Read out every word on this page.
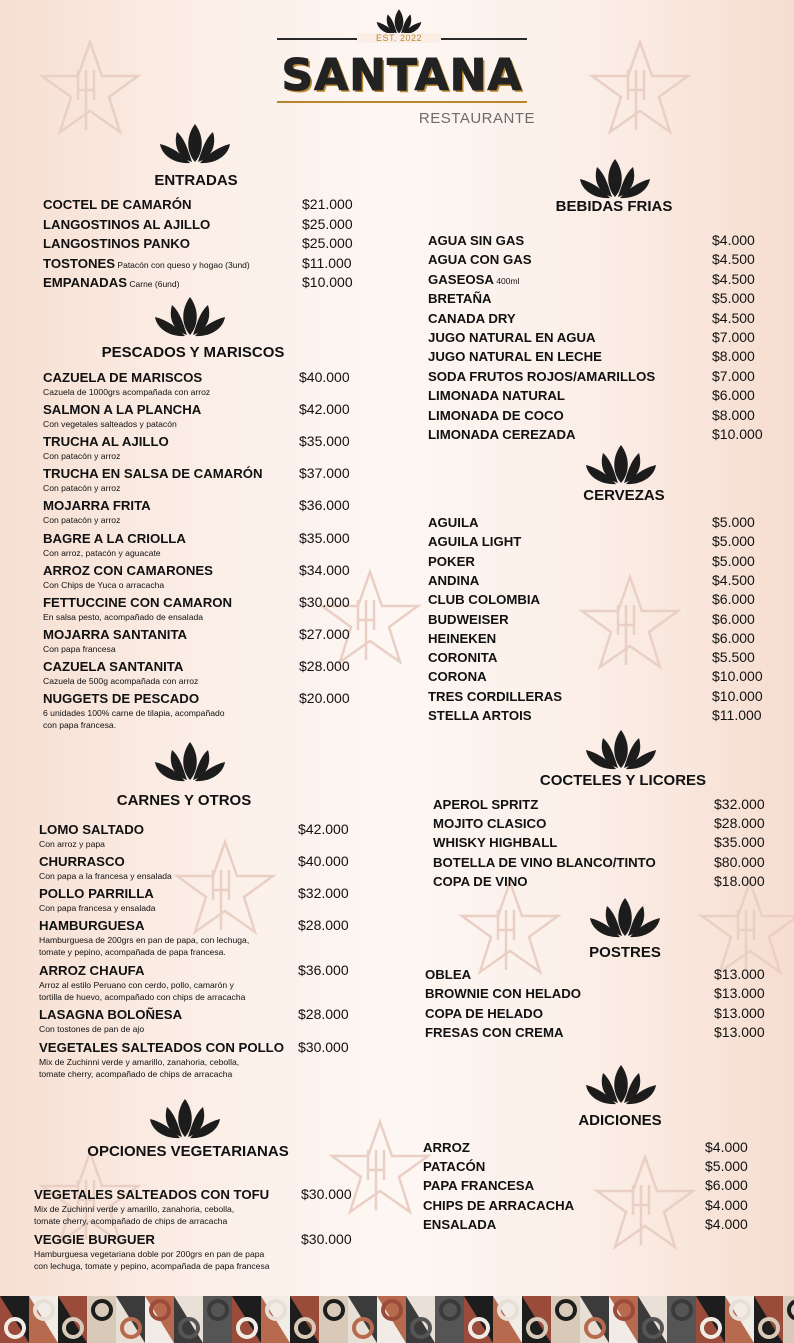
EST. 2022
SANTANA
RESTAURANTE
ENTRADAS
COCTEL DE CAMARÓN	$21.000
LANGOSTINOS AL AJILLO	$25.000
LANGOSTINOS PANKO	$25.000
TOSTONES Patacón con queso y hogao (3und)	$11.000
EMPANADAS Carne (6und)	$10.000
PESCADOS Y MARISCOS
CAZUELA DE MARISCOS	$40.000
Cazuela de 1000grs acompañada con arroz
SALMON A LA PLANCHA	$42.000
Con vegetales salteados y patacón
TRUCHA AL AJILLO	$35.000
Con patacón y arroz
TRUCHA EN SALSA DE CAMARÓN	$37.000
Con patacón y arroz
MOJARRA FRITA	$36.000
Con patacón y arroz
BAGRE A LA CRIOLLA	$35.000
Con arroz, patacón y aguacate
ARROZ CON CAMARONES	$34.000
Con Chips de Yuca o arracacha
FETTUCCINE CON CAMARON	$30.000
En salsa pesto, acompañado de ensalada
MOJARRA SANTANITA	$27.000
Con papa francesa
CAZUELA SANTANITA	$28.000
Cazuela de 500g acompañada con arroz
NUGGETS DE PESCADO	$20.000
6 unidades 100% carne de tilapia, acompañado
con papa francesa.
CARNES Y OTROS
LOMO SALTADO	$42.000
Con arroz y papa
CHURRASCO	$40.000
Con papa a la francesa y ensalada
POLLO PARRILLA	$32.000
Con papa francesa y ensalada
HAMBURGUESA	$28.000
Hamburguesa de 200grs en pan de papa, con lechuga,
tomate y pepino, acompañada de papa francesa.
ARROZ CHAUFA	$36.000
Arroz al estilo Peruano con cerdo, pollo, camarón y
tortilla de huevo, acompañado con chips de arracacha
LASAGNA BOLOÑESA	$28.000
Con tostones de pan de ajo
VEGETALES SALTEADOS CON POLLO $30.000
Mix de Zuchinni verde y amarillo, zanahoria, cebolla,
tomate cherry, acompañado de chips de arracacha
OPCIONES VEGETARIANAS
VEGETALES SALTEADOS CON TOFU $30.000
Mix de Zuchinni verde y amarillo, zanahoria, cebolla,
tomate cherry, acompañado de chips de arracacha
VEGGIE BURGUER	$30.000
Hamburguesa vegetariana doble por 200grs en pan de papa
con lechuga, tomate y pepino, acompañada de papa francesa
BEBIDAS FRIAS
AGUA SIN GAS	$4.000
AGUA CON GAS	$4.500
GASEOSA 400ml	$4.500
BRETAÑA	$5.000
CANADA DRY	$4.500
JUGO NATURAL EN AGUA	$7.000
JUGO NATURAL EN LECHE	$8.000
SODA FRUTOS ROJOS/AMARILLOS	$7.000
LIMONADA NATURAL	$6.000
LIMONADA DE COCO	$8.000
LIMONADA CEREZADA	$10.000
CERVEZAS
AGUILA	$5.000
AGUILA LIGHT	$5.000
POKER	$5.000
ANDINA	$4.500
CLUB COLOMBIA	$6.000
BUDWEISER	$6.000
HEINEKEN	$6.000
CORONITA	$5.500
CORONA	$10.000
TRES CORDILLERAS	$10.000
STELLA ARTOIS	$11.000
COCTELES Y LICORES
APEROL SPRITZ	$32.000
MOJITO CLASICO	$28.000
WHISKY HIGHBALL	$35.000
BOTELLA DE VINO BLANCO/TINTO	$80.000
COPA DE VINO	$18.000
POSTRES
OBLEA	$13.000
BROWNIE CON HELADO	$13.000
COPA DE HELADO	$13.000
FRESAS CON CREMA	$13.000
ADICIONES
ARROZ	$4.000
PATACÓN	$5.000
PAPA FRANCESA	$6.000
CHIPS DE ARRACACHA	$4.000
ENSALADA	$4.000
